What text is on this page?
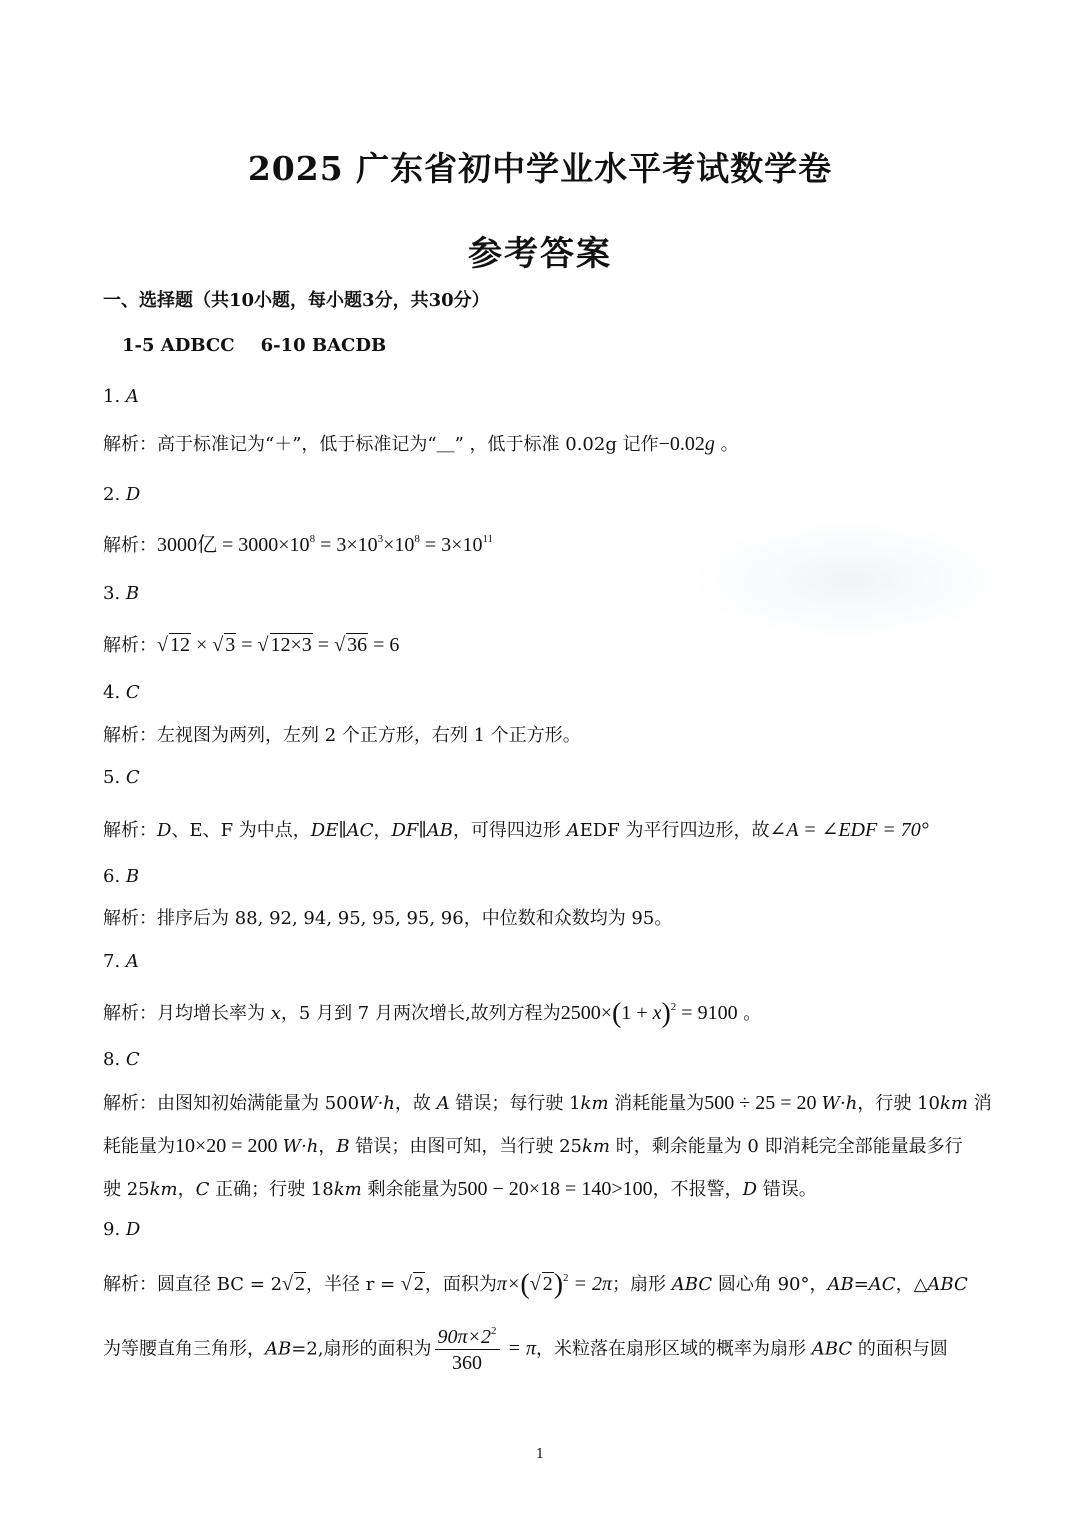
2025 广东省初中学业水平考试数学卷
参考答案
一、选择题（共10小题，每小题3分，共30分）
1-5 ADBCC 6-10 BACDB
1. A
解析：高于标准记为“＋”，低于标准记为“＿” ，低于标准 0.02g 记作−0.02g 。
2. D
解析：3000亿 = $3000\times 10^8 = 3\times 10^3\times 10^8 = 3\times 10^{11}$
3. B
解析：√ 12 × √ 3 = √ 12×3 = √ 36 = 6
4. C
解析：左视图为两列，左列 2 个正方形，右列 1 个正方形。
5. C
解析：D、E、F 为中点，DE∥AC，DF∥AB，可得四边形 AEDF 为平行四边形，故∠A = ∠EDF = 70°
6. B
解析：排序后为 88, 92, 94, 95, 95, 95, 96，中位数和众数均为 95。
7. A
解析：月均增长率为 x，5 月到 7 月两次增长,故列方程为$2500\times(1 + x)^2 = 9100$ 。
8. C
解析：由图知初始满能量为 500W·h，故 A 错误；每行驶 1km 消耗能量为500 ÷ 25 = 20 W·h，行驶 10km 消
耗能量为10×20 = 200 W·h，B 错误；由图可知，当行驶 25km 时，剩余能量为 0 即消耗完全部能量最多行
驶 25km，C 正确；行驶 18km 剩余能量为500 − 20×18 = 140>100，不报警，D 错误。
9. D
解析：圆直径 BC = 2√ 2，半径 r = √ 2，面积为π×(√ 2)$^2$ = 2π；扇形 ABC 圆心角 90°，AB=AC，△ABC
为等腰直角三角形，AB=2,扇形的面积为 $\frac{90\pi\times 2^2}{360} = \pi$，米粒落在扇形区域的概率为扇形 ABC 的面积与圆
1
